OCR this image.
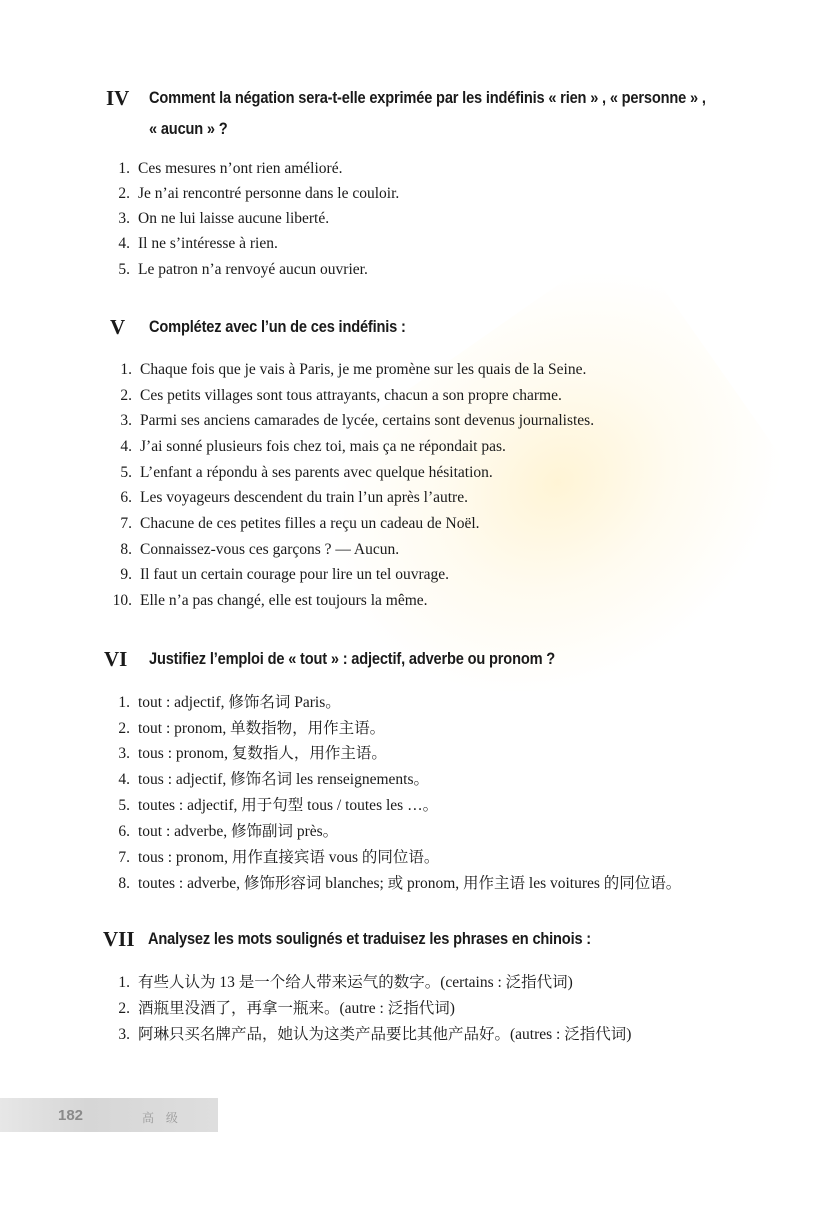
IV Comment la négation sera-t-elle exprimée par les indéfinis « rien » , « personne » ,
« aucun » ?
1. Ces mesures n’ont rien amélioré.
2. Je n’ai rencontré personne dans le couloir.
3. On ne lui laisse aucune liberté.
4. Il ne s’intéresse à rien.
5. Le patron n’a renvoyé aucun ouvrier.
V Complétez avec l’un de ces indéfinis :
1. Chaque fois que je vais à Paris, je me promène sur les quais de la Seine.
2. Ces petits villages sont tous attrayants, chacun a son propre charme.
3. Parmi ses anciens camarades de lycée, certains sont devenus journalistes.
4. J’ai sonné plusieurs fois chez toi, mais ça ne répondait pas.
5. L’enfant a répondu à ses parents avec quelque hésitation.
6. Les voyageurs descendent du train l’un après l’autre.
7. Chacune de ces petites filles a reçu un cadeau de Noël.
8. Connaissez-vous ces garçons ? — Aucun.
9. Il faut un certain courage pour lire un tel ouvrage.
10. Elle n’a pas changé, elle est toujours la même.
VI Justifiez l’emploi de « tout » : adjectif, adverbe ou pronom ?
1. tout : adjectif, 修饰名词 Paris。
2. tout : pronom, 单数指物，用作主语。
3. tous : pronom, 复数指人，用作主语。
4. tous : adjectif, 修饰名词 les renseignements。
5. toutes : adjectif, 用于句型 tous / toutes les …。
6. tout : adverbe, 修饰副词 près。
7. tous : pronom, 用作直接宾语 vous 的同位语。
8. toutes : adverbe, 修饰形容词 blanches; 或 pronom, 用作主语 les voitures 的同位语。
VII Analysez les mots soulignés et traduisez les phrases en chinois :
1. 有些人认为 13 是一个给人带来运气的数字。(certains : 泛指代词)
2. 酒瓶里没酒了，再拿一瓶来。(autre : 泛指代词)
3. 阿琳只买名牌产品，她认为这类产品要比其他产品好。(autres : 泛指代词)
182	高 级
